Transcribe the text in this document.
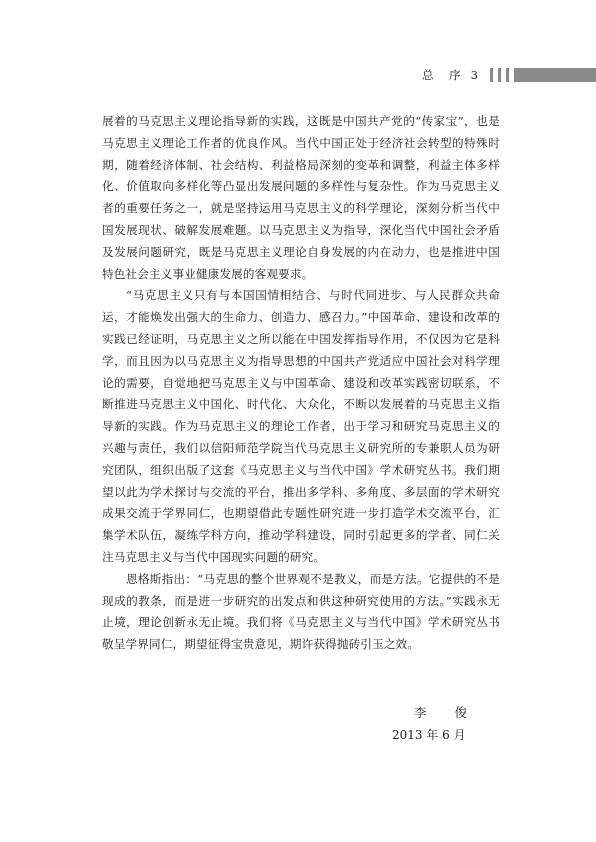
总 序 3

展着的马克思主义理论指导新的实践，这既是中国共产党的“传家宝”，也是马克思主义理论工作者的优良作风。当代中国正处于经济社会转型的特殊时期，随着经济体制、社会结构、利益格局深刻的变革和调整，利益主体多样化、价值取向多样化等凸显出发展问题的多样性与复杂性。作为马克思主义者的重要任务之一，就是坚持运用马克思主义的科学理论，深刻分析当代中国发展现状、破解发展难题。以马克思主义为指导，深化当代中国社会矛盾及发展问题研究，既是马克思主义理论自身发展的内在动力，也是推进中国特色社会主义事业健康发展的客观要求。

“马克思主义只有与本国国情相结合、与时代同进步、与人民群众共命运，才能焕发出强大的生命力、创造力、感召力。”中国革命、建设和改革的实践已经证明，马克思主义之所以能在中国发挥指导作用，不仅因为它是科学，而且因为以马克思主义为指导思想的中国共产党适应中国社会对科学理论的需要，自觉地把马克思主义与中国革命、建设和改革实践密切联系，不断推进马克思主义中国化、时代化、大众化，不断以发展着的马克思主义指导新的实践。作为马克思主义的理论工作者，出于学习和研究马克思主义的兴趣与责任，我们以信阳师范学院当代马克思主义研究所的专兼职人员为研究团队，组织出版了这套《马克思主义与当代中国》学术研究丛书。我们期望以此为学术探讨与交流的平台，推出多学科、多角度、多层面的学术研究成果交流于学界同仁，也期望借此专题性研究进一步打造学术交流平台，汇集学术队伍，凝练学科方向，推动学科建设，同时引起更多的学者、同仁关注马克思主义与当代中国现实问题的研究。

恩格斯指出：“马克思的整个世界观不是教义，而是方法。它提供的不是现成的教条，而是进一步研究的出发点和供这种研究使用的方法。”实践永无止境，理论创新永无止境。我们将《马克思主义与当代中国》学术研究丛书敬呈学界同仁，期望征得宝贵意见，期许获得抛砖引玉之效。

李 俊

2013 年 6 月
